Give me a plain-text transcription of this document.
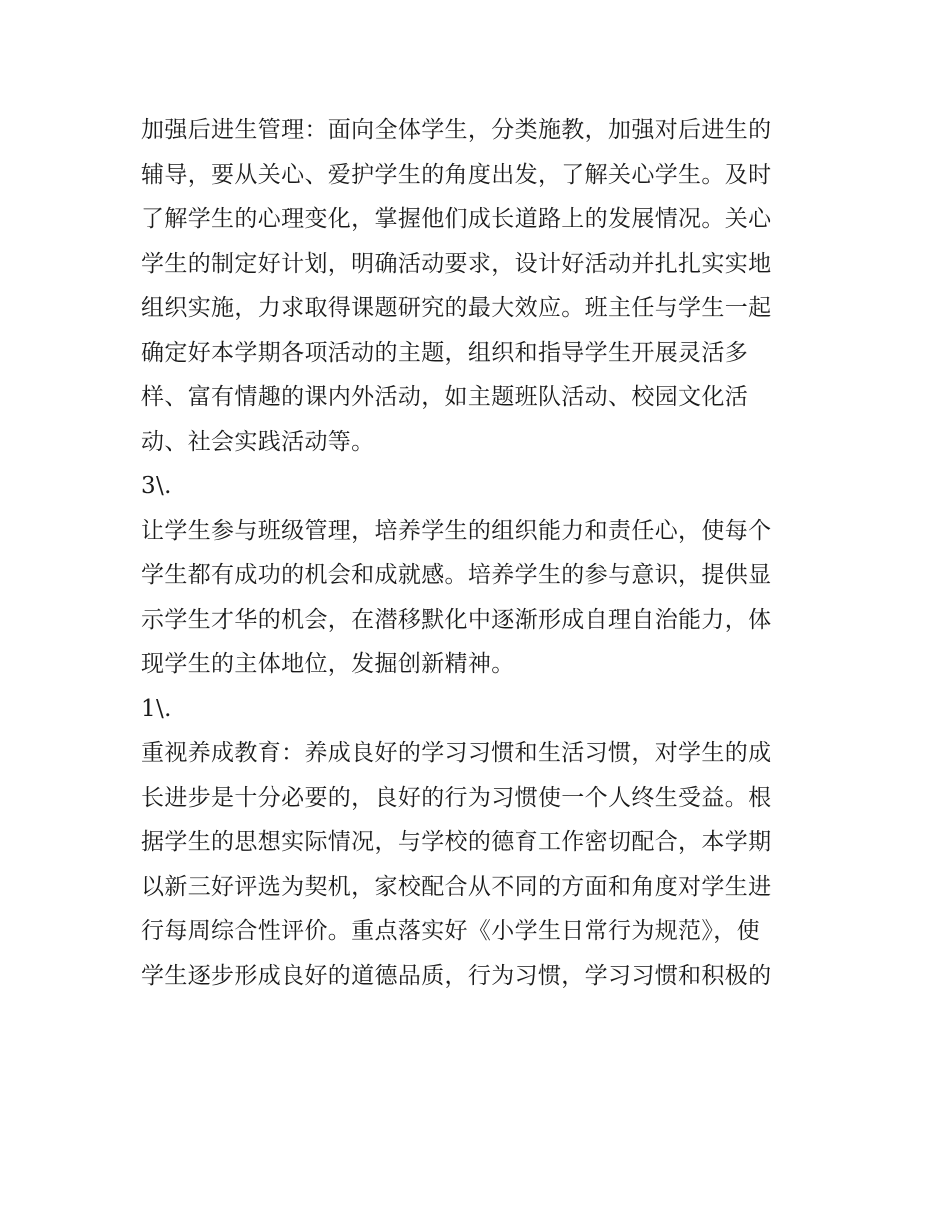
加强后进生管理：面向全体学生，分类施教，加强对后进生的
辅导，要从关心、爱护学生的角度出发，了解关心学生。及时
了解学生的心理变化，掌握他们成长道路上的发展情况。关心
学生的制定好计划，明确活动要求，设计好活动并扎扎实实地
组织实施，力求取得课题研究的最大效应。班主任与学生一起
确定好本学期各项活动的主题，组织和指导学生开展灵活多
样、富有情趣的课内外活动，如主题班队活动、校园文化活
动、社会实践活动等。
3\.
让学生参与班级管理，培养学生的组织能力和责任心，使每个
学生都有成功的机会和成就感。培养学生的参与意识，提供显
示学生才华的机会，在潜移默化中逐渐形成自理自治能力，体
现学生的主体地位，发掘创新精神。
1\.
重视养成教育：养成良好的学习习惯和生活习惯，对学生的成
长进步是十分必要的，良好的行为习惯使一个人终生受益。根
据学生的思想实际情况，与学校的德育工作密切配合，本学期
以新三好评选为契机，家校配合从不同的方面和角度对学生进
行每周综合性评价。重点落实好《小学生日常行为规范》，使
学生逐步形成良好的道德品质，行为习惯，学习习惯和积极的
